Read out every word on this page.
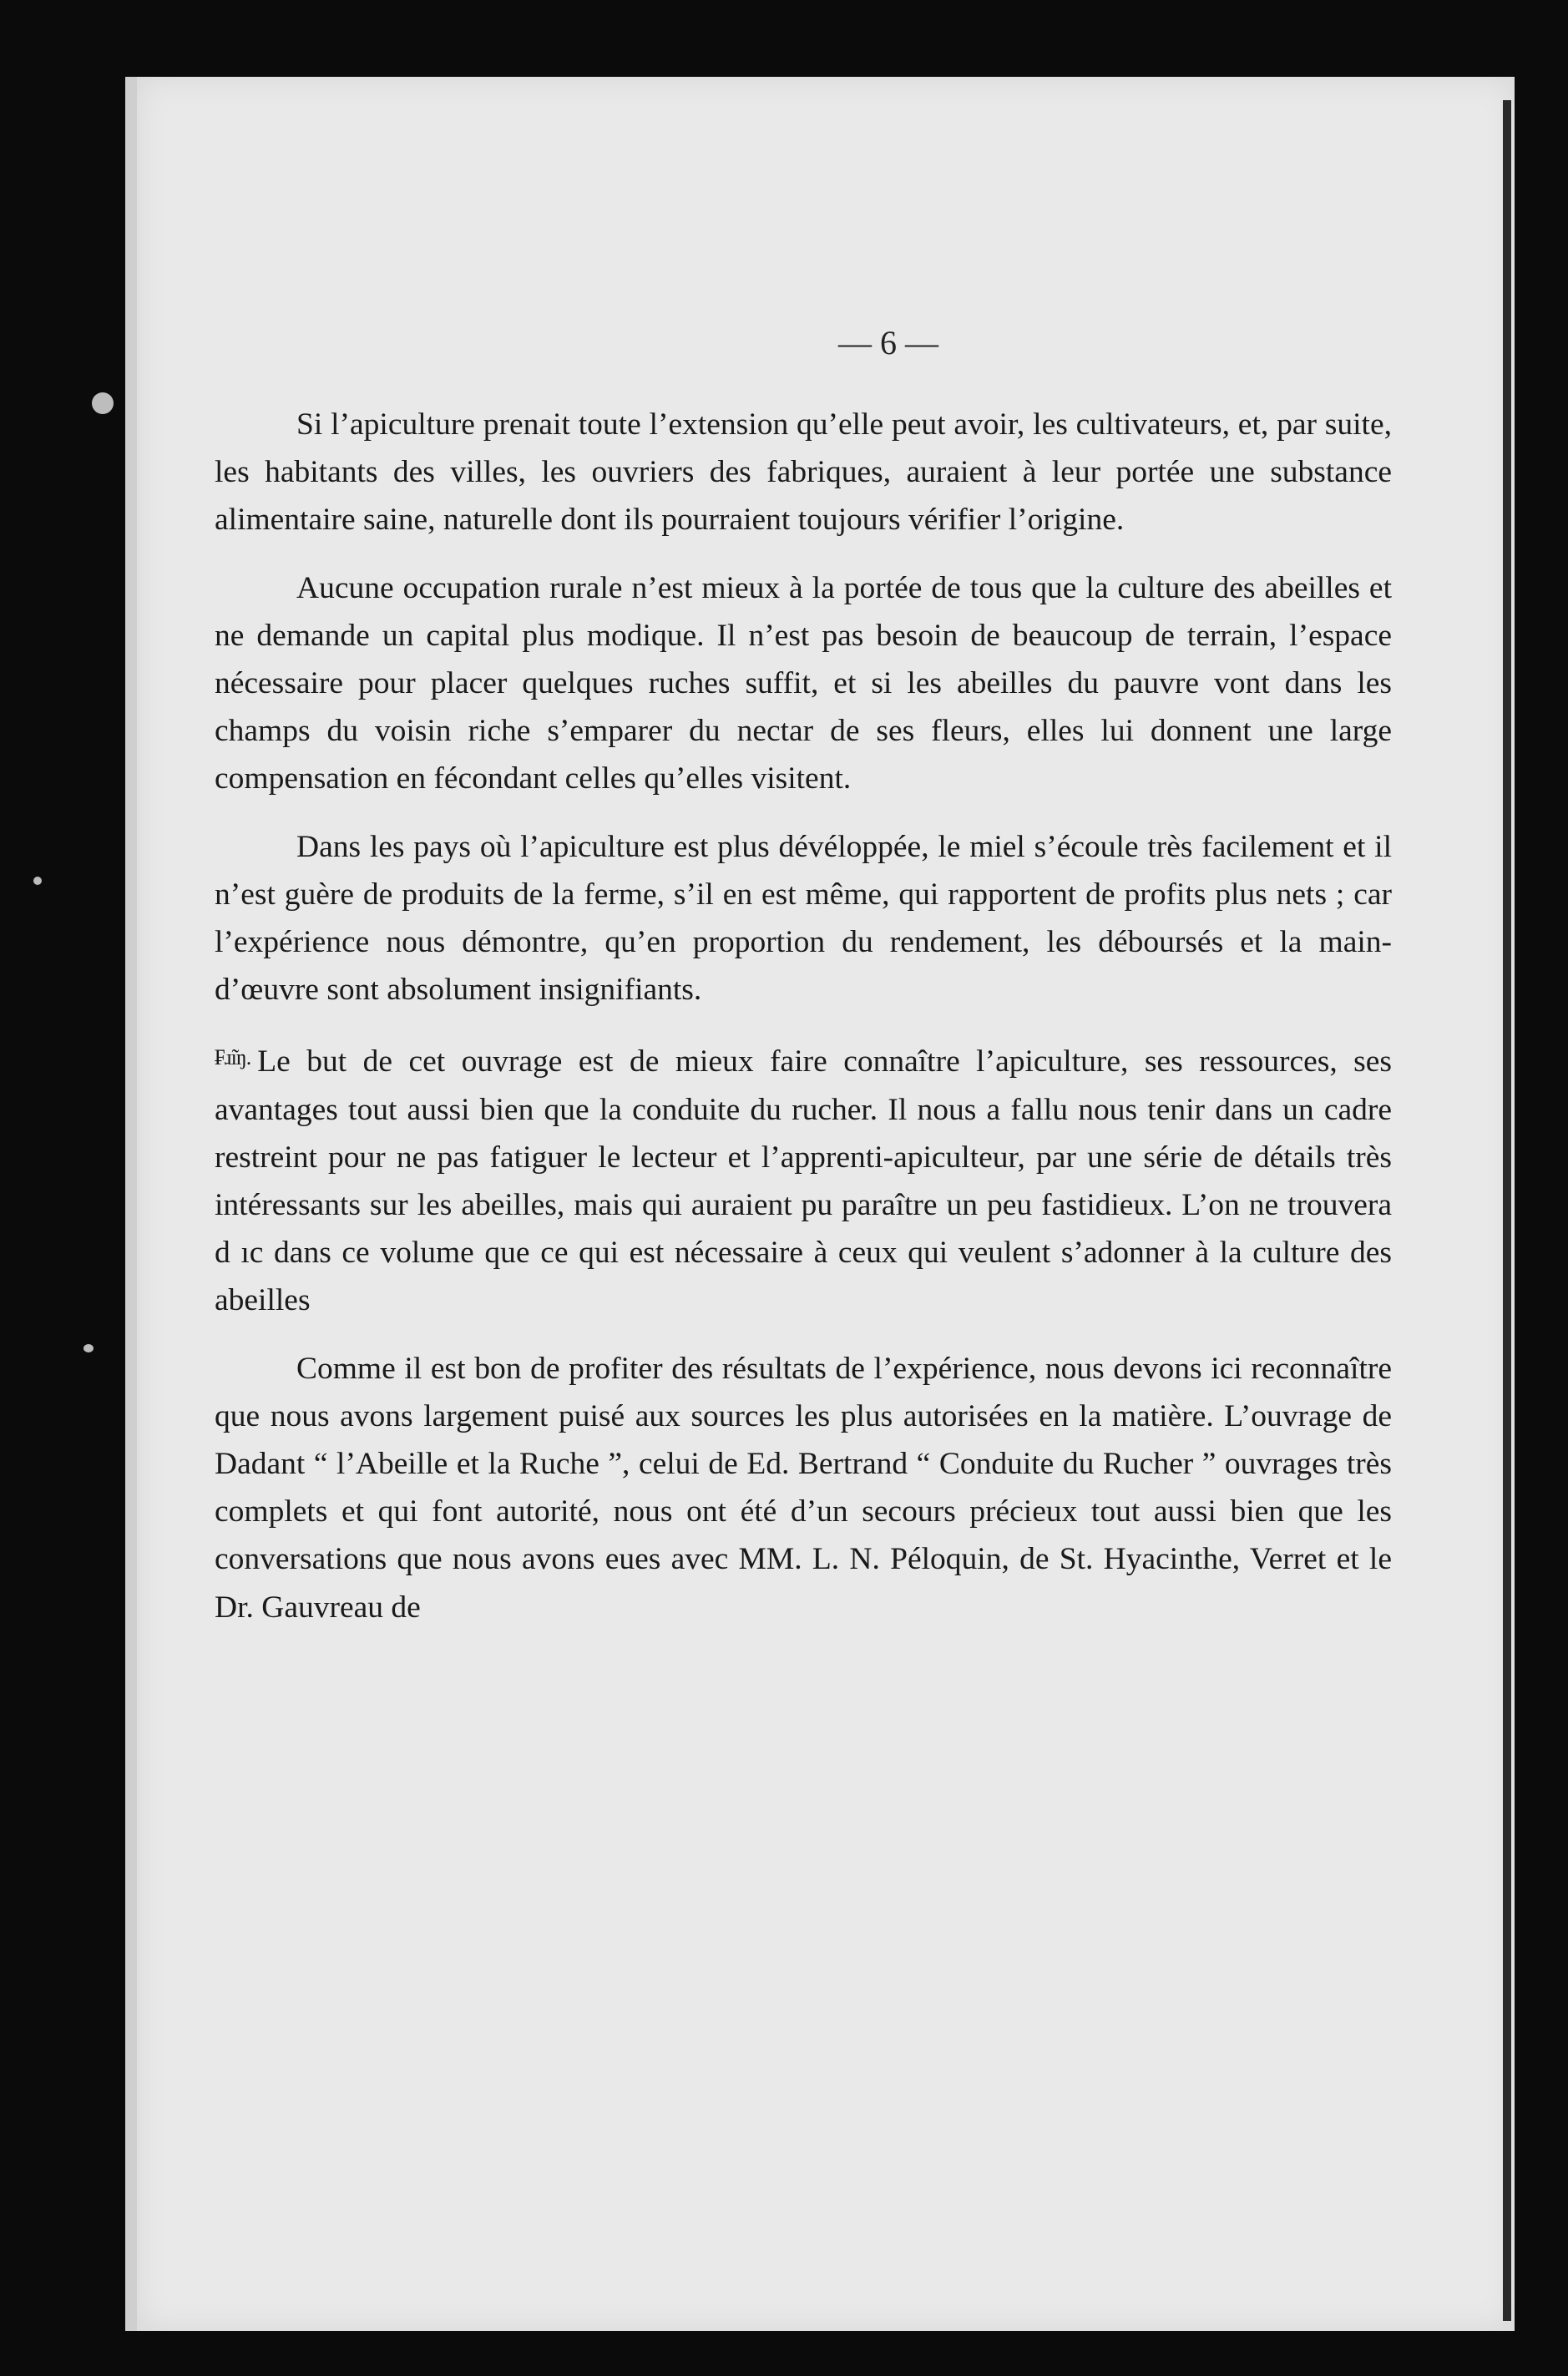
— 6 —

Si l’apiculture prenait toute l’extension qu’elle peut avoir, les cultivateurs, et, par suite, les habitants des villes, les ouvriers des fabriques, auraient à leur portée une substance alimentaire saine, naturelle dont ils pourraient toujours vérifier l’origine.

Aucune occupation rurale n’est mieux à la portée de tous que la culture des abeilles et ne demande un capital plus modique. Il n’est pas besoin de beaucoup de terrain, l’espace nécessaire pour placer quelques ruches suffit, et si les abeilles du pauvre vont dans les champs du voisin riche s’emparer du nectar de ses fleurs, elles lui donnent une large compensation en fécondant celles qu’elles visitent.

Dans les pays où l’apiculture est plus dévéloppée, le miel s’écoule très facilement et il n’est guère de produits de la ferme, s’il en est même, qui rapportent de profits plus nets ; car l’expérience nous démontre, qu’en proportion du rendement, les déboursés et la main-d’œuvre sont absolument insignifiants.

$^{₣ɹ̃ıŋ.}$ Le but de cet ouvrage est de mieux faire connaître l’apiculture, ses ressources, ses avantages tout aussi bien que la conduite du rucher. Il nous a fallu nous tenir dans un cadre restreint pour ne pas fatiguer le lecteur et l’apprenti-apiculteur, par une série de détails très intéressants sur les abeilles, mais qui auraient pu paraître un peu fastidieux. L’on ne trouvera d ıc dans ce volume que ce qui est nécessaire à ceux qui veulent s’adonner à la culture des abeilles

Comme il est bon de profiter des résultats de l’expérience, nous devons ici reconnaître que nous avons largement puisé aux sources les plus autorisées en la matière. L’ouvrage de Dadant “ l’Abeille et la Ruche ”, celui de Ed. Bertrand “ Conduite du Rucher ” ouvrages très complets et qui font autorité, nous ont été d’un secours précieux tout aussi bien que les conversations que nous avons eues avec MM. L. N. Péloquin, de St. Hyacinthe, Verret et le Dr. Gauvreau de
